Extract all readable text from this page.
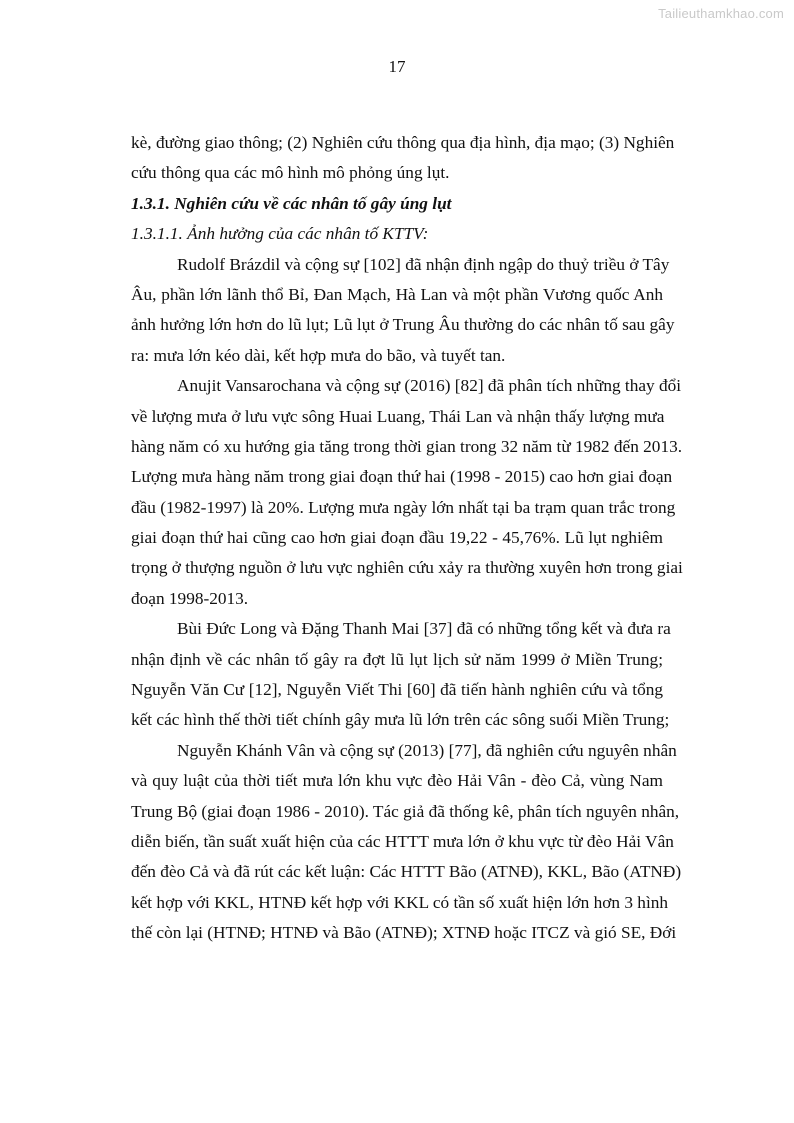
Tailieuthamkhao.com
17
kè, đường giao thông; (2) Nghiên cứu thông qua địa hình, địa mạo; (3) Nghiên
cứu thông qua các mô hình mô phỏng úng lụt.
1.3.1. Nghiên cứu về các nhân tố gây úng lụt
1.3.1.1. Ảnh hưởng của các nhân tố KTTV:
Rudolf Brázdil và cộng sự [102] đã nhận định ngập do thuỷ triều ở Tây
Âu, phần lớn lãnh thổ Bỉ, Đan Mạch, Hà Lan và một phần Vương quốc Anh
ảnh hưởng lớn hơn do lũ lụt; Lũ lụt ở Trung Âu thường do các nhân tố sau gây
ra: mưa lớn kéo dài, kết hợp mưa do bão, và tuyết tan.
Anujit Vansarochana và cộng sự (2016) [82] đã phân tích những thay đổi
về lượng mưa ở lưu vực sông Huai Luang, Thái Lan và nhận thấy lượng mưa
hàng năm có xu hướng gia tăng trong thời gian trong 32 năm từ 1982 đến 2013.
Lượng mưa hàng năm trong giai đoạn thứ hai (1998 - 2015) cao hơn giai đoạn
đầu (1982-1997) là 20%. Lượng mưa ngày lớn nhất tại ba trạm quan trắc trong
giai đoạn thứ hai cũng cao hơn giai đoạn đầu 19,22 - 45,76%. Lũ lụt nghiêm
trọng ở thượng nguồn ở lưu vực nghiên cứu xảy ra thường xuyên hơn trong giai
đoạn 1998-2013.
Bùi Đức Long và Đặng Thanh Mai [37] đã có những tổng kết và đưa ra
nhận định về các nhân tố gây ra đợt lũ lụt lịch sử năm 1999 ở Miền Trung;
Nguyễn Văn Cư [12], Nguyễn Viết Thi [60] đã tiến hành nghiên cứu và tổng
kết các hình thế thời tiết chính gây mưa lũ lớn trên các sông suối Miền Trung;
Nguyễn Khánh Vân và cộng sự (2013) [77], đã nghiên cứu nguyên nhân
và quy luật của thời tiết mưa lớn khu vực đèo Hải Vân - đèo Cả, vùng Nam
Trung Bộ (giai đoạn 1986 - 2010). Tác giả đã thống kê, phân tích nguyên nhân,
diễn biến, tần suất xuất hiện của các HTTT mưa lớn ở khu vực từ đèo Hải Vân
đến đèo Cả và đã rút các kết luận: Các HTTT Bão (ATNĐ), KKL, Bão (ATNĐ)
kết hợp với KKL, HTNĐ kết hợp với KKL có tần số xuất hiện lớn hơn 3 hình
thế còn lại (HTNĐ; HTNĐ và Bão (ATNĐ); XTNĐ hoặc ITCZ và gió SE, Đới
